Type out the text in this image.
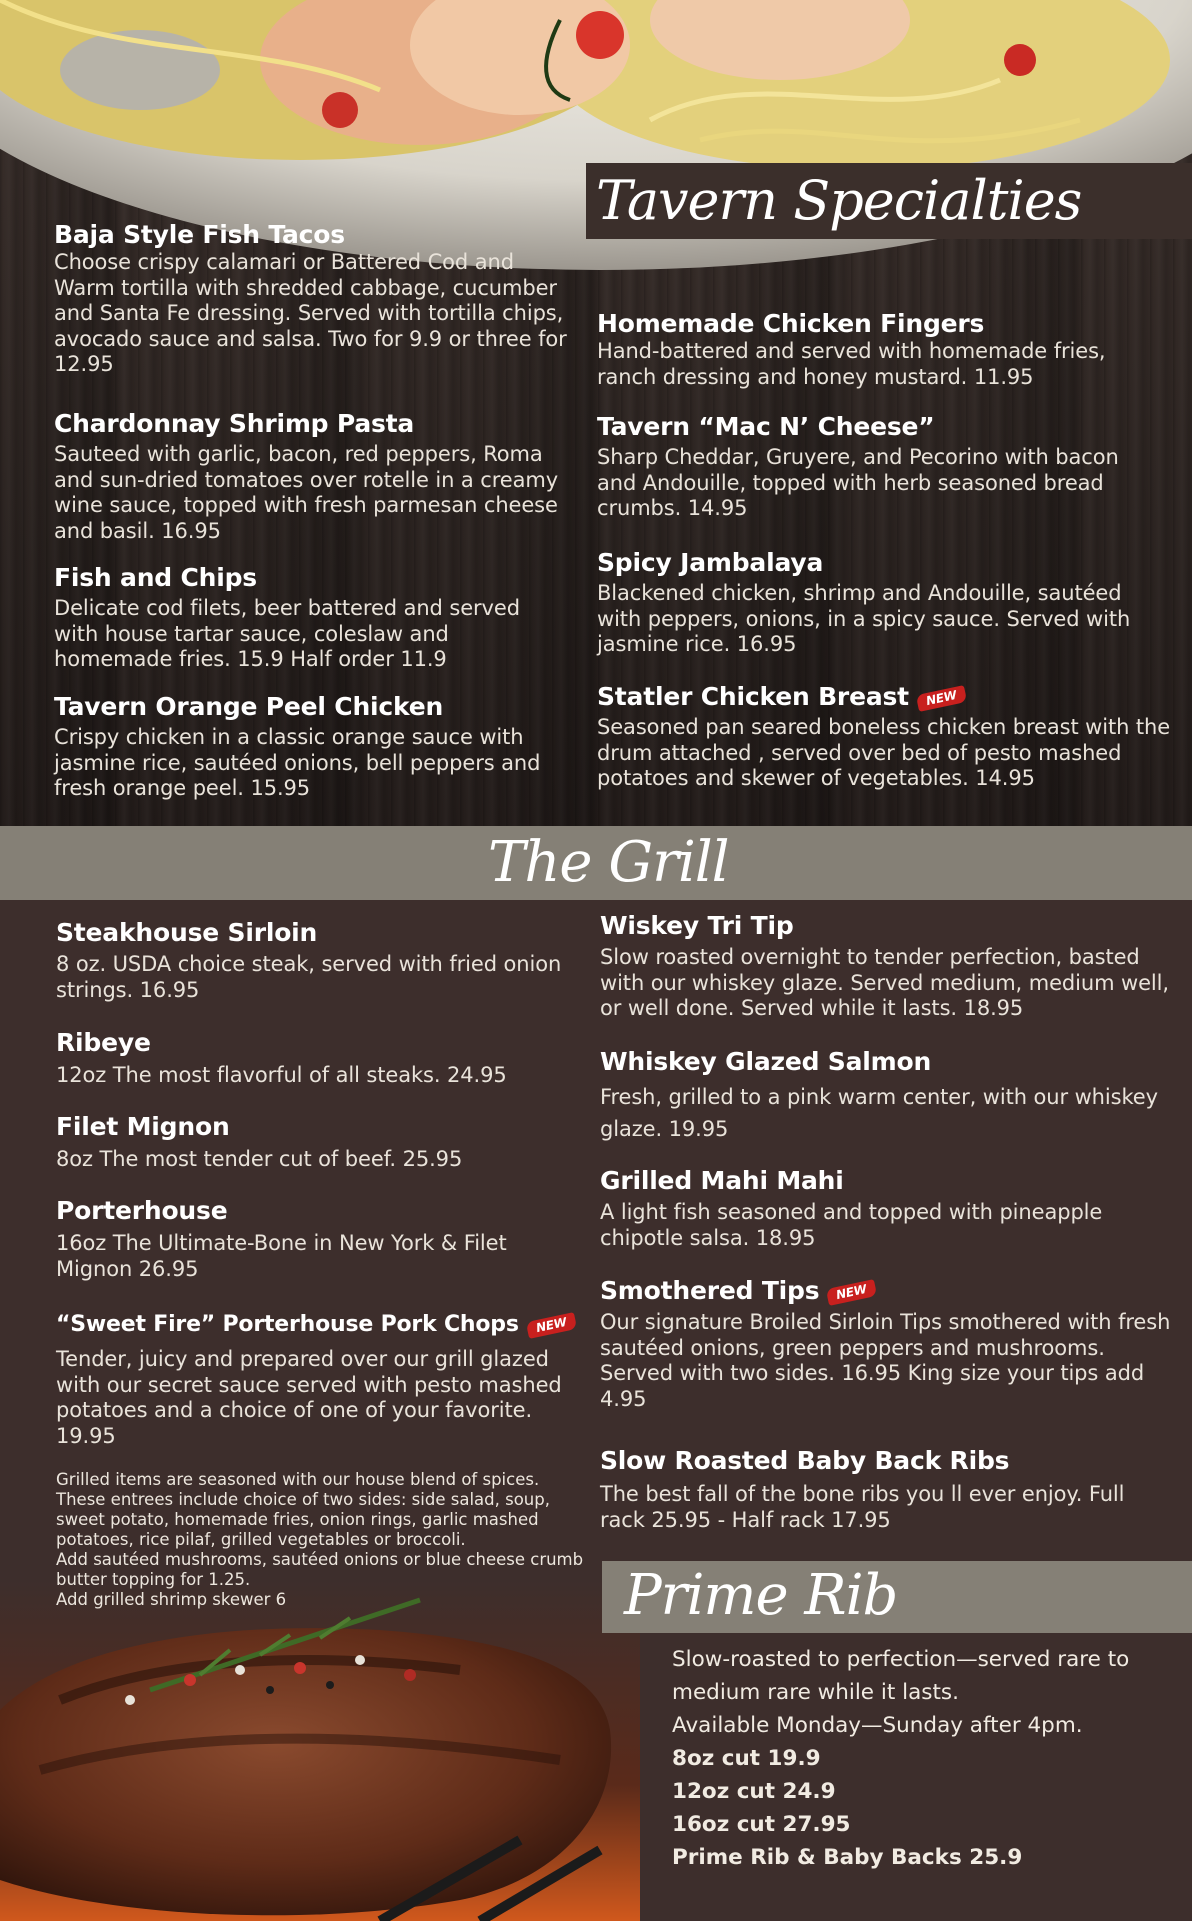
Tavern Specialties
Baja Style Fish Tacos
Choose crispy calamari or Battered Cod and Warm tortilla with shredded cabbage, cucumber and Santa Fe dressing. Served with tortilla chips, avocado sauce and salsa. Two for 9.9 or three for 12.95
Chardonnay Shrimp Pasta
Sauteed with garlic, bacon, red peppers, Roma and sun-dried tomatoes over rotelle in a creamy wine sauce, topped with fresh parmesan cheese and basil. 16.95
Fish and Chips
Delicate cod filets, beer battered and served with house tartar sauce, coleslaw and homemade fries. 15.9 Half order 11.9
Tavern Orange Peel Chicken
Crispy chicken in a classic orange sauce with jasmine rice, sautéed onions, bell peppers and fresh orange peel. 15.95
Homemade Chicken Fingers
Hand-battered and served with homemade fries, ranch dressing and honey mustard. 11.95
Tavern “Mac N’ Cheese”
Sharp Cheddar, Gruyere, and Pecorino with bacon and Andouille, topped with herb seasoned bread crumbs. 14.95
Spicy Jambalaya
Blackened chicken, shrimp and Andouille, sautéed with peppers, onions, in a spicy sauce. Served with jasmine rice. 16.95
Statler Chicken Breast NEW
Seasoned pan seared boneless chicken breast with the drum attached , served over bed of pesto mashed potatoes and skewer of vegetables. 14.95
The Grill
Steakhouse Sirloin
8 oz. USDA choice steak, served with fried onion strings. 16.95
Ribeye
12oz The most flavorful of all steaks. 24.95
Filet Mignon
8oz The most tender cut of beef. 25.95
Porterhouse
16oz The Ultimate-Bone in New York & Filet Mignon 26.95
“Sweet Fire” Porterhouse Pork Chops NEW
Tender, juicy and prepared over our grill glazed with our secret sauce served with pesto mashed potatoes and a choice of one of your favorite. 19.95
Grilled items are seasoned with our house blend of spices. These entrees include choice of two sides: side salad, soup, sweet potato, homemade fries, onion rings, garlic mashed potatoes, rice pilaf, grilled vegetables or broccoli.
Add sautéed mushrooms, sautéed onions or blue cheese crumb butter topping for 1.25.
Add grilled shrimp skewer 6
Wiskey Tri Tip
Slow roasted overnight to tender perfection, basted with our whiskey glaze. Served medium, medium well, or well done. Served while it lasts. 18.95
Whiskey Glazed Salmon
Fresh, grilled to a pink warm center, with our whiskey glaze. 19.95
Grilled Mahi Mahi
A light fish seasoned and topped with pineapple chipotle salsa. 18.95
Smothered Tips NEW
Our signature Broiled Sirloin Tips smothered with fresh sautéed onions, green peppers and mushrooms. Served with two sides. 16.95 King size your tips add 4.95
Slow Roasted Baby Back Ribs
The best fall of the bone ribs you ll ever enjoy. Full rack 25.95 - Half rack 17.95
Prime Rib
Slow-roasted to perfection—served rare to
medium rare while it lasts.
Available Monday—Sunday after 4pm.
8oz cut 19.9
12oz cut 24.9
16oz cut 27.95
Prime Rib & Baby Backs 25.9
